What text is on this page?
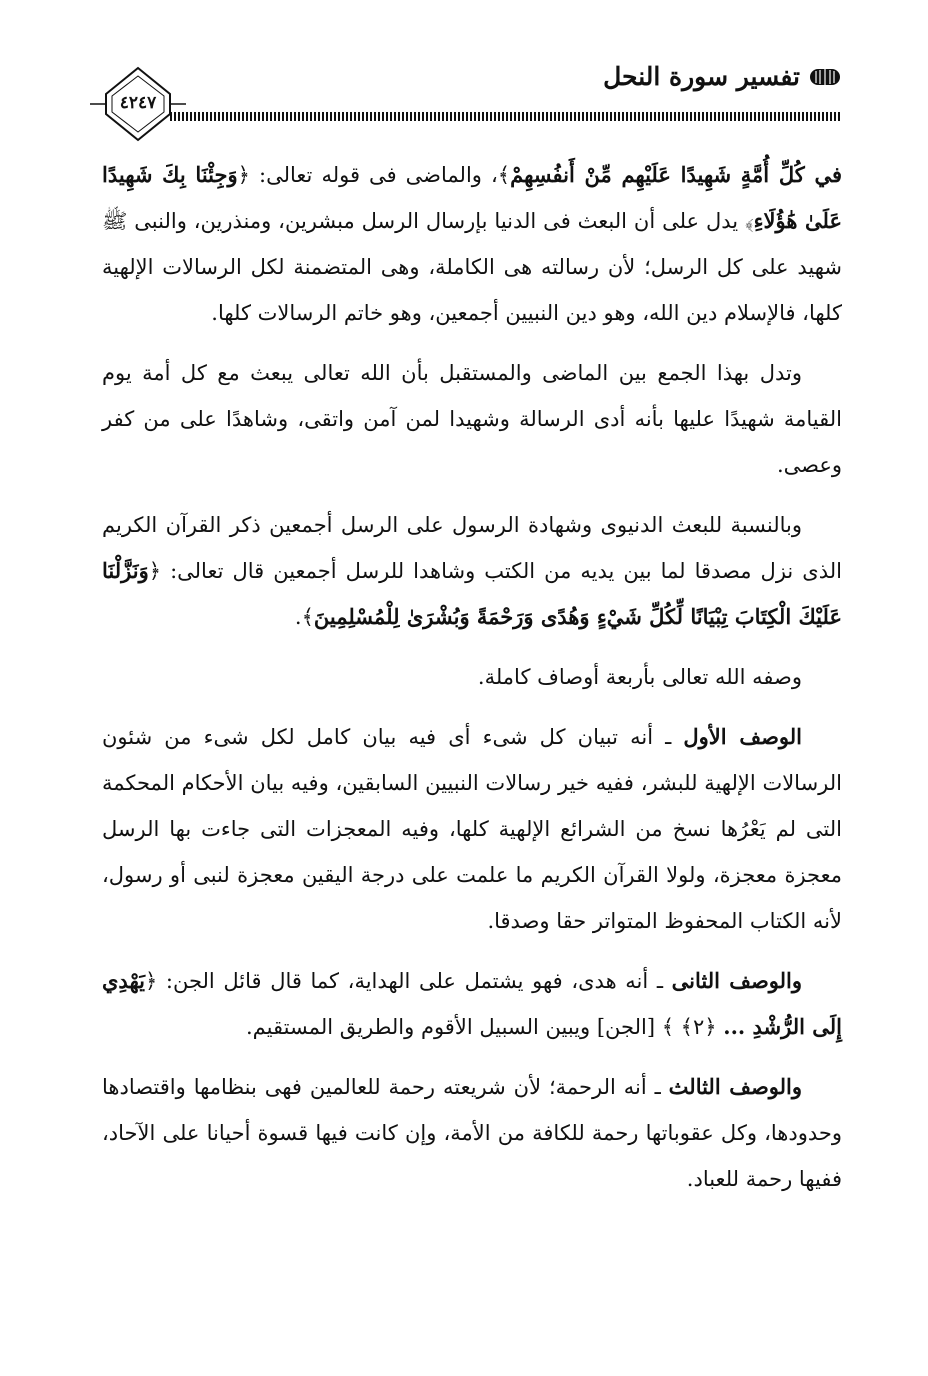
تفسير سورة النحل
٤٢٤٧

في كُلِّ أُمَّةٍ شَهِيدًا عَلَيْهِم مِّنْ أَنفُسِهِمْ﴾، والماضى فى قوله تعالى: ﴿وَجِئْنَا بِكَ شَهِيدًا عَلَىٰ هَٰؤُلَاءِ﴾ يدل على أن البعث فى الدنيا بإرسال الرسل مبشرين، ومنذرين، والنبى ﷺ شهيد على كل الرسل؛ لأن رسالته هى الكاملة، وهى المتضمنة لكل الرسالات الإلهية كلها، فالإسلام دين الله، وهو دين النبيين أجمعين، وهو خاتم الرسالات كلها.

وتدل بهذا الجمع بين الماضى والمستقبل بأن الله تعالى يبعث مع كل أمة يوم القيامة شهيدًا عليها بأنه أدى الرسالة وشهيدا لمن آمن واتقى، وشاهدًا على من كفر وعصى.

وبالنسبة للبعث الدنيوى وشهادة الرسول على الرسل أجمعين ذكر القرآن الكريم الذى نزل مصدقا لما بين يديه من الكتب وشاهدا للرسل أجمعين قال تعالى: ﴿وَنَزَّلْنَا عَلَيْكَ الْكِتَابَ تِبْيَانًا لِّكُلِّ شَيْءٍ وَهُدًى وَرَحْمَةً وَبُشْرَىٰ لِلْمُسْلِمِينَ﴾.

وصفه الله تعالى بأربعة أوصاف كاملة.

الوصف الأول ـ أنه تبيان كل شىء أى فيه بيان كامل لكل شىء من شئون الرسالات الإلهية للبشر، ففيه خير رسالات النبيين السابقين، وفيه بيان الأحكام المحكمة التى لم يَعْرُها نسخ من الشرائع الإلهية كلها، وفيه المعجزات التى جاءت بها الرسل معجزة معجزة، ولولا القرآن الكريم ما علمت على درجة اليقين معجزة لنبى أو رسول، لأنه الكتاب المحفوظ المتواتر حقا وصدقا.

والوصف الثانى ـ أنه هدى، فهو يشتمل على الهداية، كما قال قائل الجن: ﴿يَهْدِي إِلَى الرُّشْدِ ... ﴿٢﴾ ﴾ [الجن] ويبين السبيل الأقوم والطريق المستقيم.

والوصف الثالث ـ أنه الرحمة؛ لأن شريعته رحمة للعالمين فهى بنظامها واقتصادها وحدودها، وكل عقوباتها رحمة للكافة من الأمة، وإن كانت فيها قسوة أحيانا على الآحاد، ففيها رحمة للعباد.
